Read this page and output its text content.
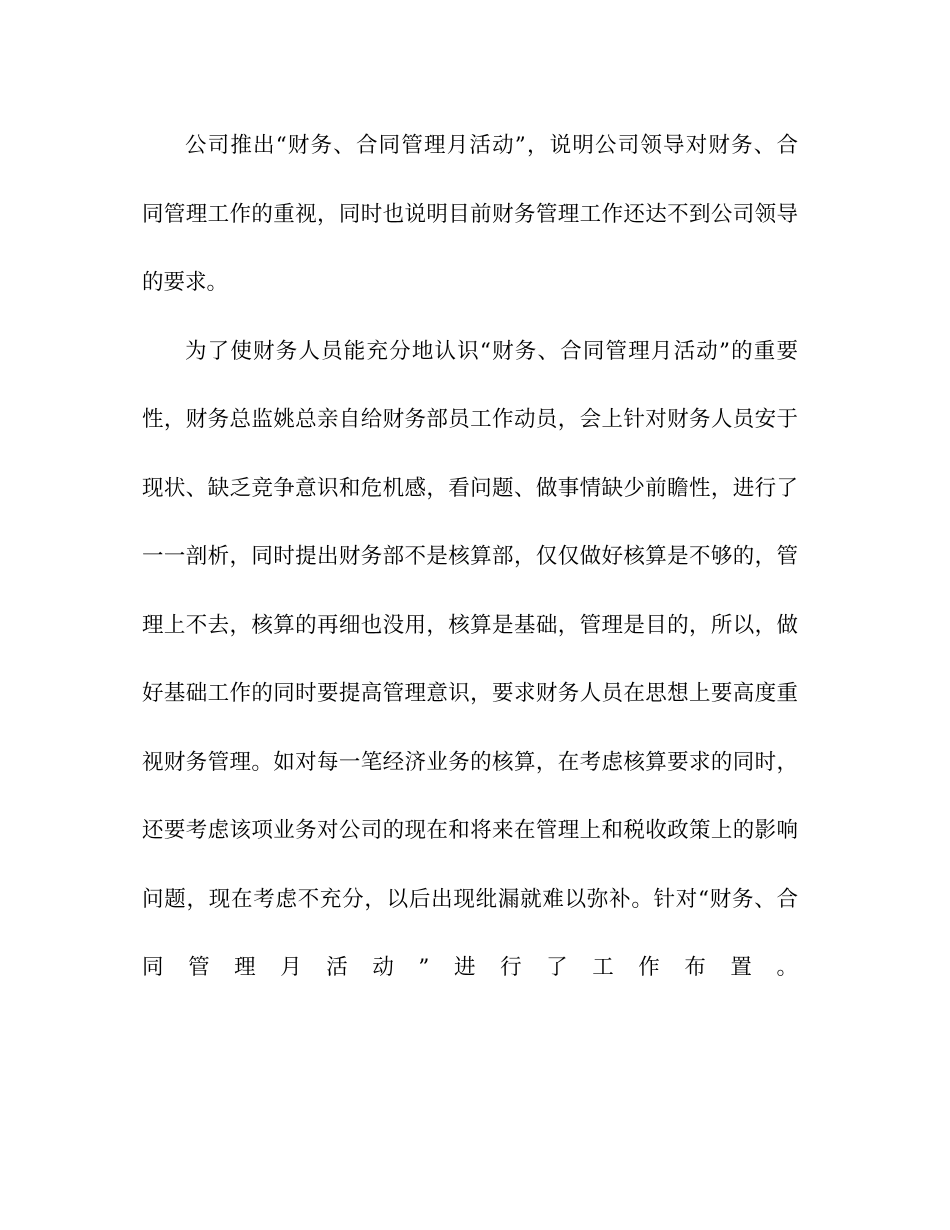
公司推出“财务、合同管理月活动”，说明公司领导对财务、合
同管理工作的重视，同时也说明目前财务管理工作还达不到公司领导
的要求。
为了使财务人员能充分地认识“财务、合同管理月活动”的重要
性，财务总监姚总亲自给财务部员工作动员，会上针对财务人员安于
现状、缺乏竞争意识和危机感，看问题、做事情缺少前瞻性，进行了
一一剖析，同时提出财务部不是核算部，仅仅做好核算是不够的，管
理上不去，核算的再细也没用，核算是基础，管理是目的，所以，做
好基础工作的同时要提高管理意识，要求财务人员在思想上要高度重
视财务管理。如对每一笔经济业务的核算，在考虑核算要求的同时，
还要考虑该项业务对公司的现在和将来在管理上和税收政策上的影响
问题，现在考虑不充分，以后出现纰漏就难以弥补。针对“财务、合
同管理月活动”进行了工作布置。
